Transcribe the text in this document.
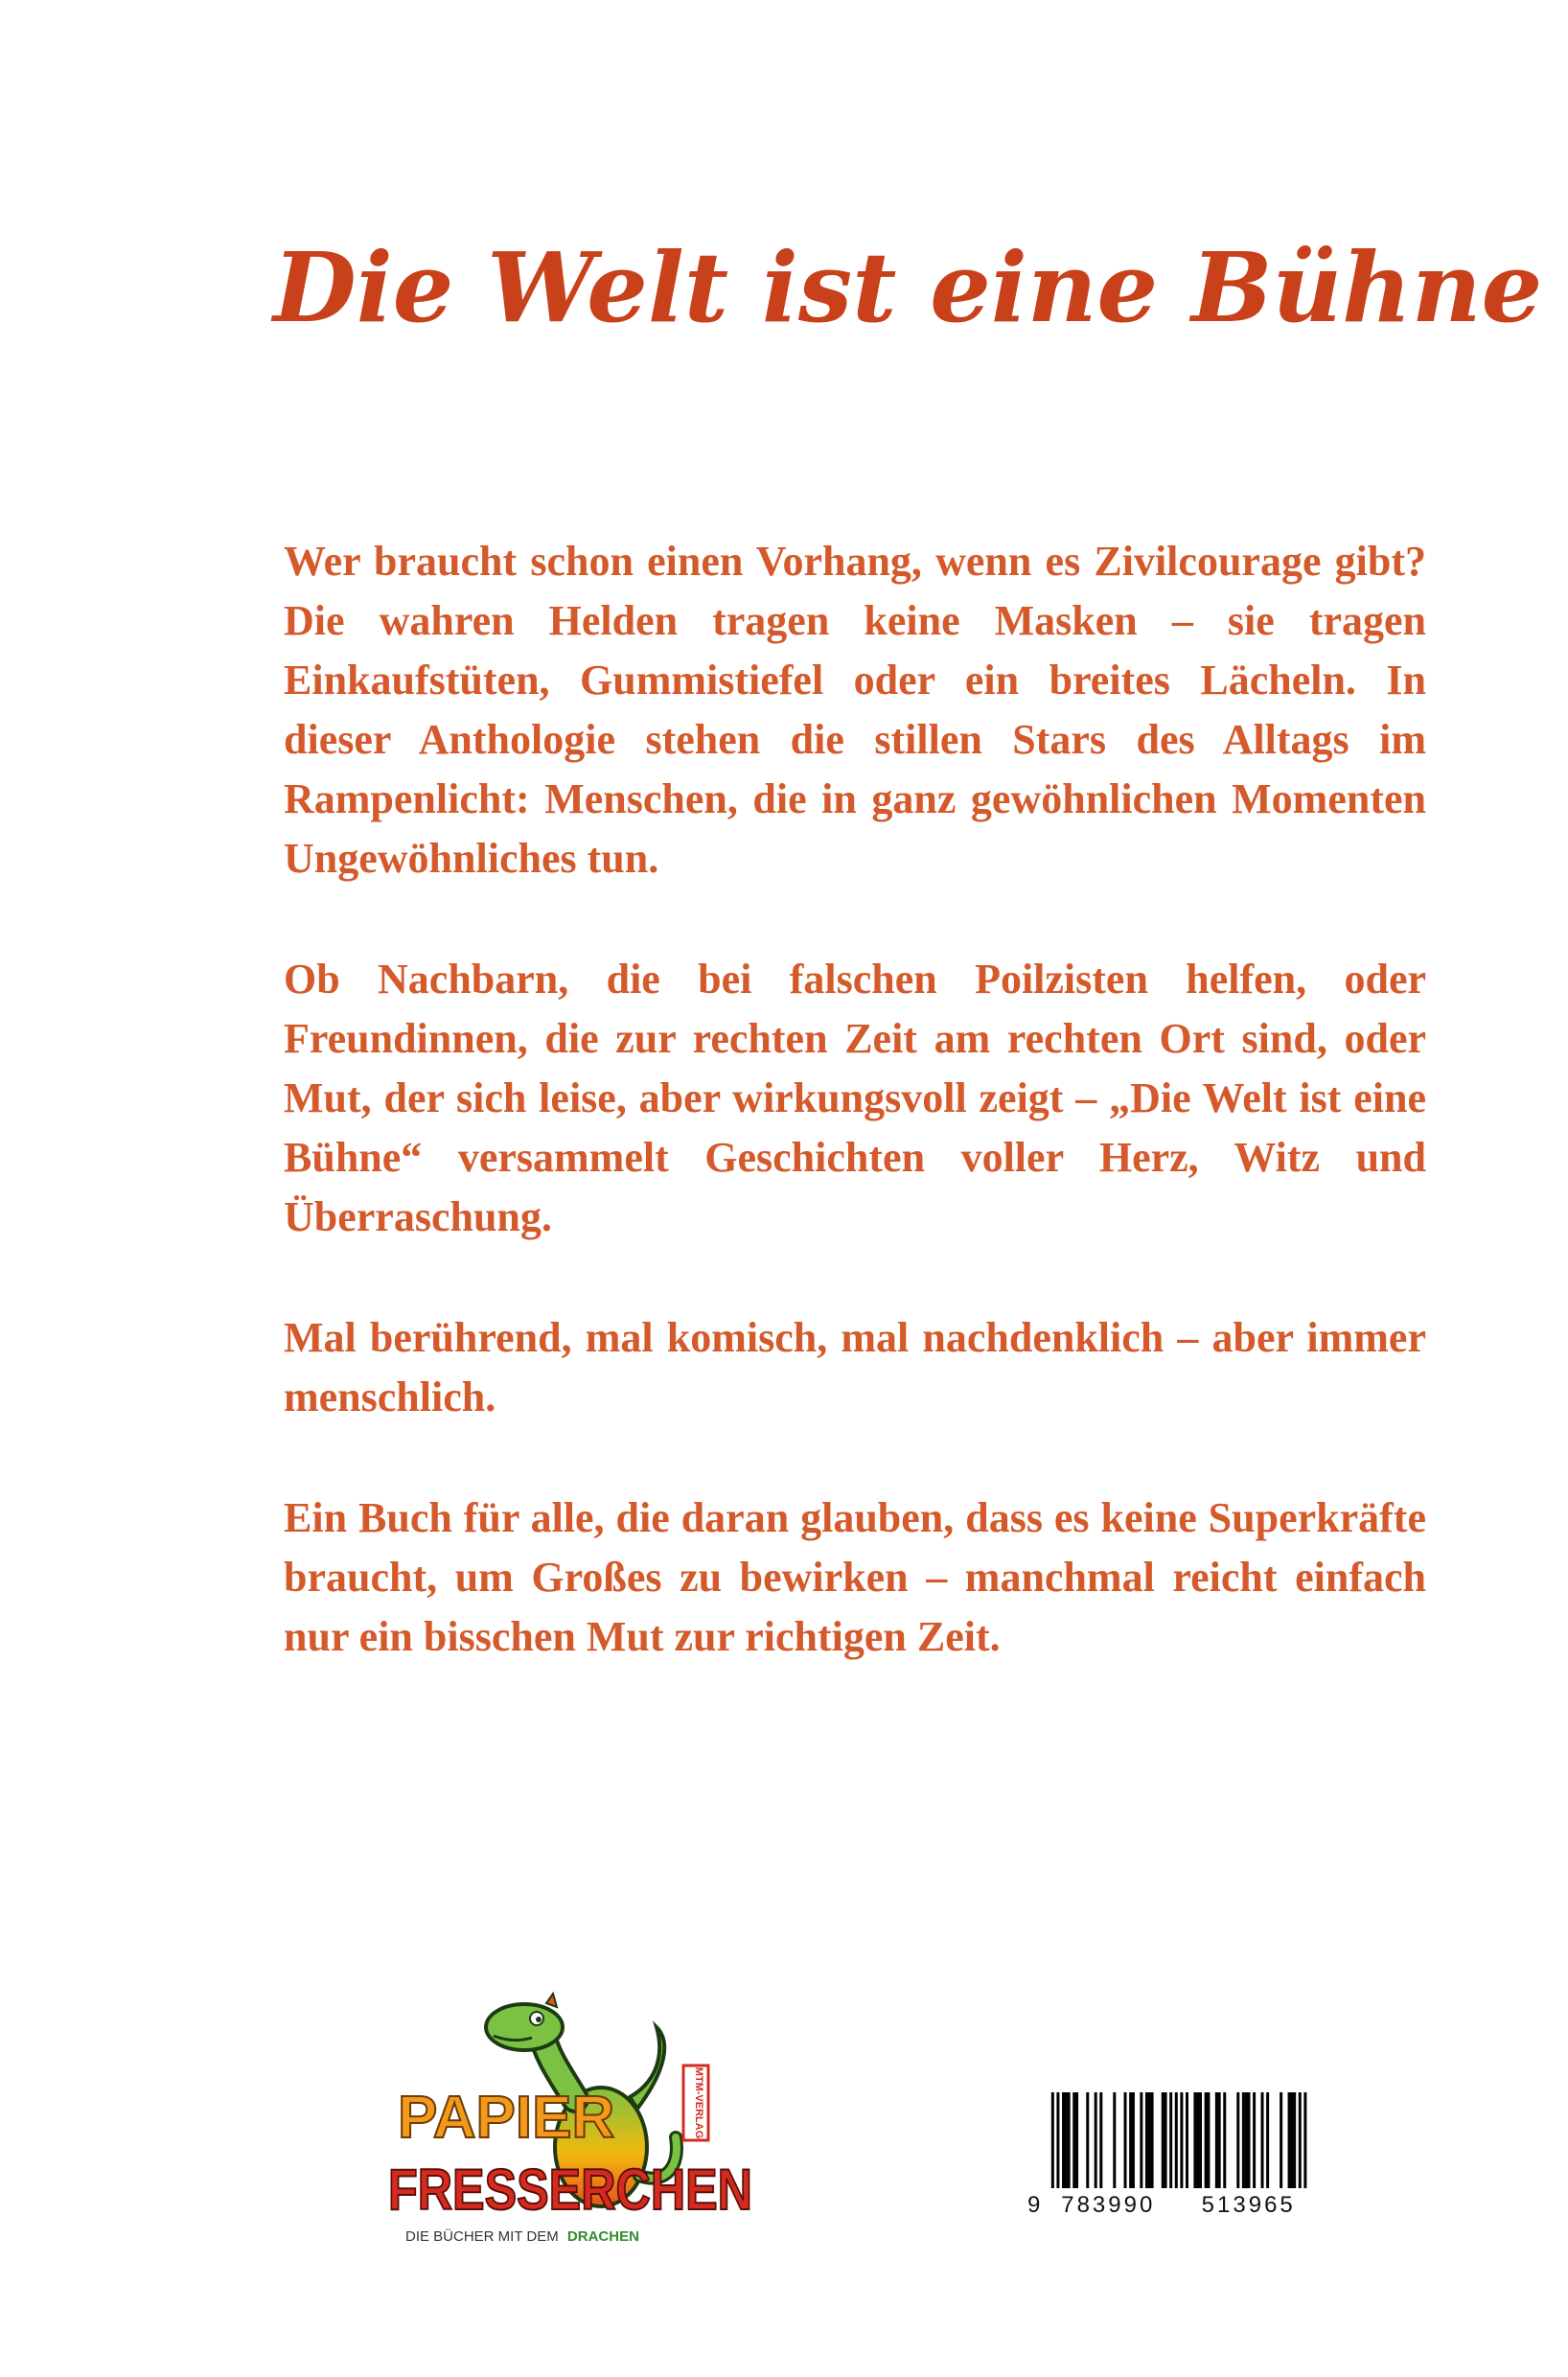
Die Welt ist eine Bühne

Wer braucht schon einen Vorhang, wenn es Zivilcourage gibt? Die wahren Helden tragen keine Masken – sie tragen Einkaufstüten, Gummistiefel oder ein breites Lächeln. In dieser Anthologie stehen die stillen Stars des Alltags im Rampenlicht: Menschen, die in ganz gewöhnlichen Momenten Ungewöhnliches tun.

Ob Nachbarn, die bei falschen Poilzisten helfen, oder Freundinnen, die zur rechten Zeit am rechten Ort sind, oder Mut, der sich leise, aber wirkungsvoll zeigt – „Die Welt ist eine Bühne“ versammelt Geschichten voller Herz, Witz und Überraschung.

Mal berührend, mal komisch, mal nachdenklich – aber immer menschlich.

Ein Buch für alle, die daran glauben, dass es keine Superkräfte braucht, um Großes zu bewirken – manchmal reicht einfach nur ein bisschen Mut zur richtigen Zeit.

MTM-VERLAG
PAPIER
FRESSERCHEN
DIE BÜCHER MIT DEM DRACHEN
9 783990 513965
